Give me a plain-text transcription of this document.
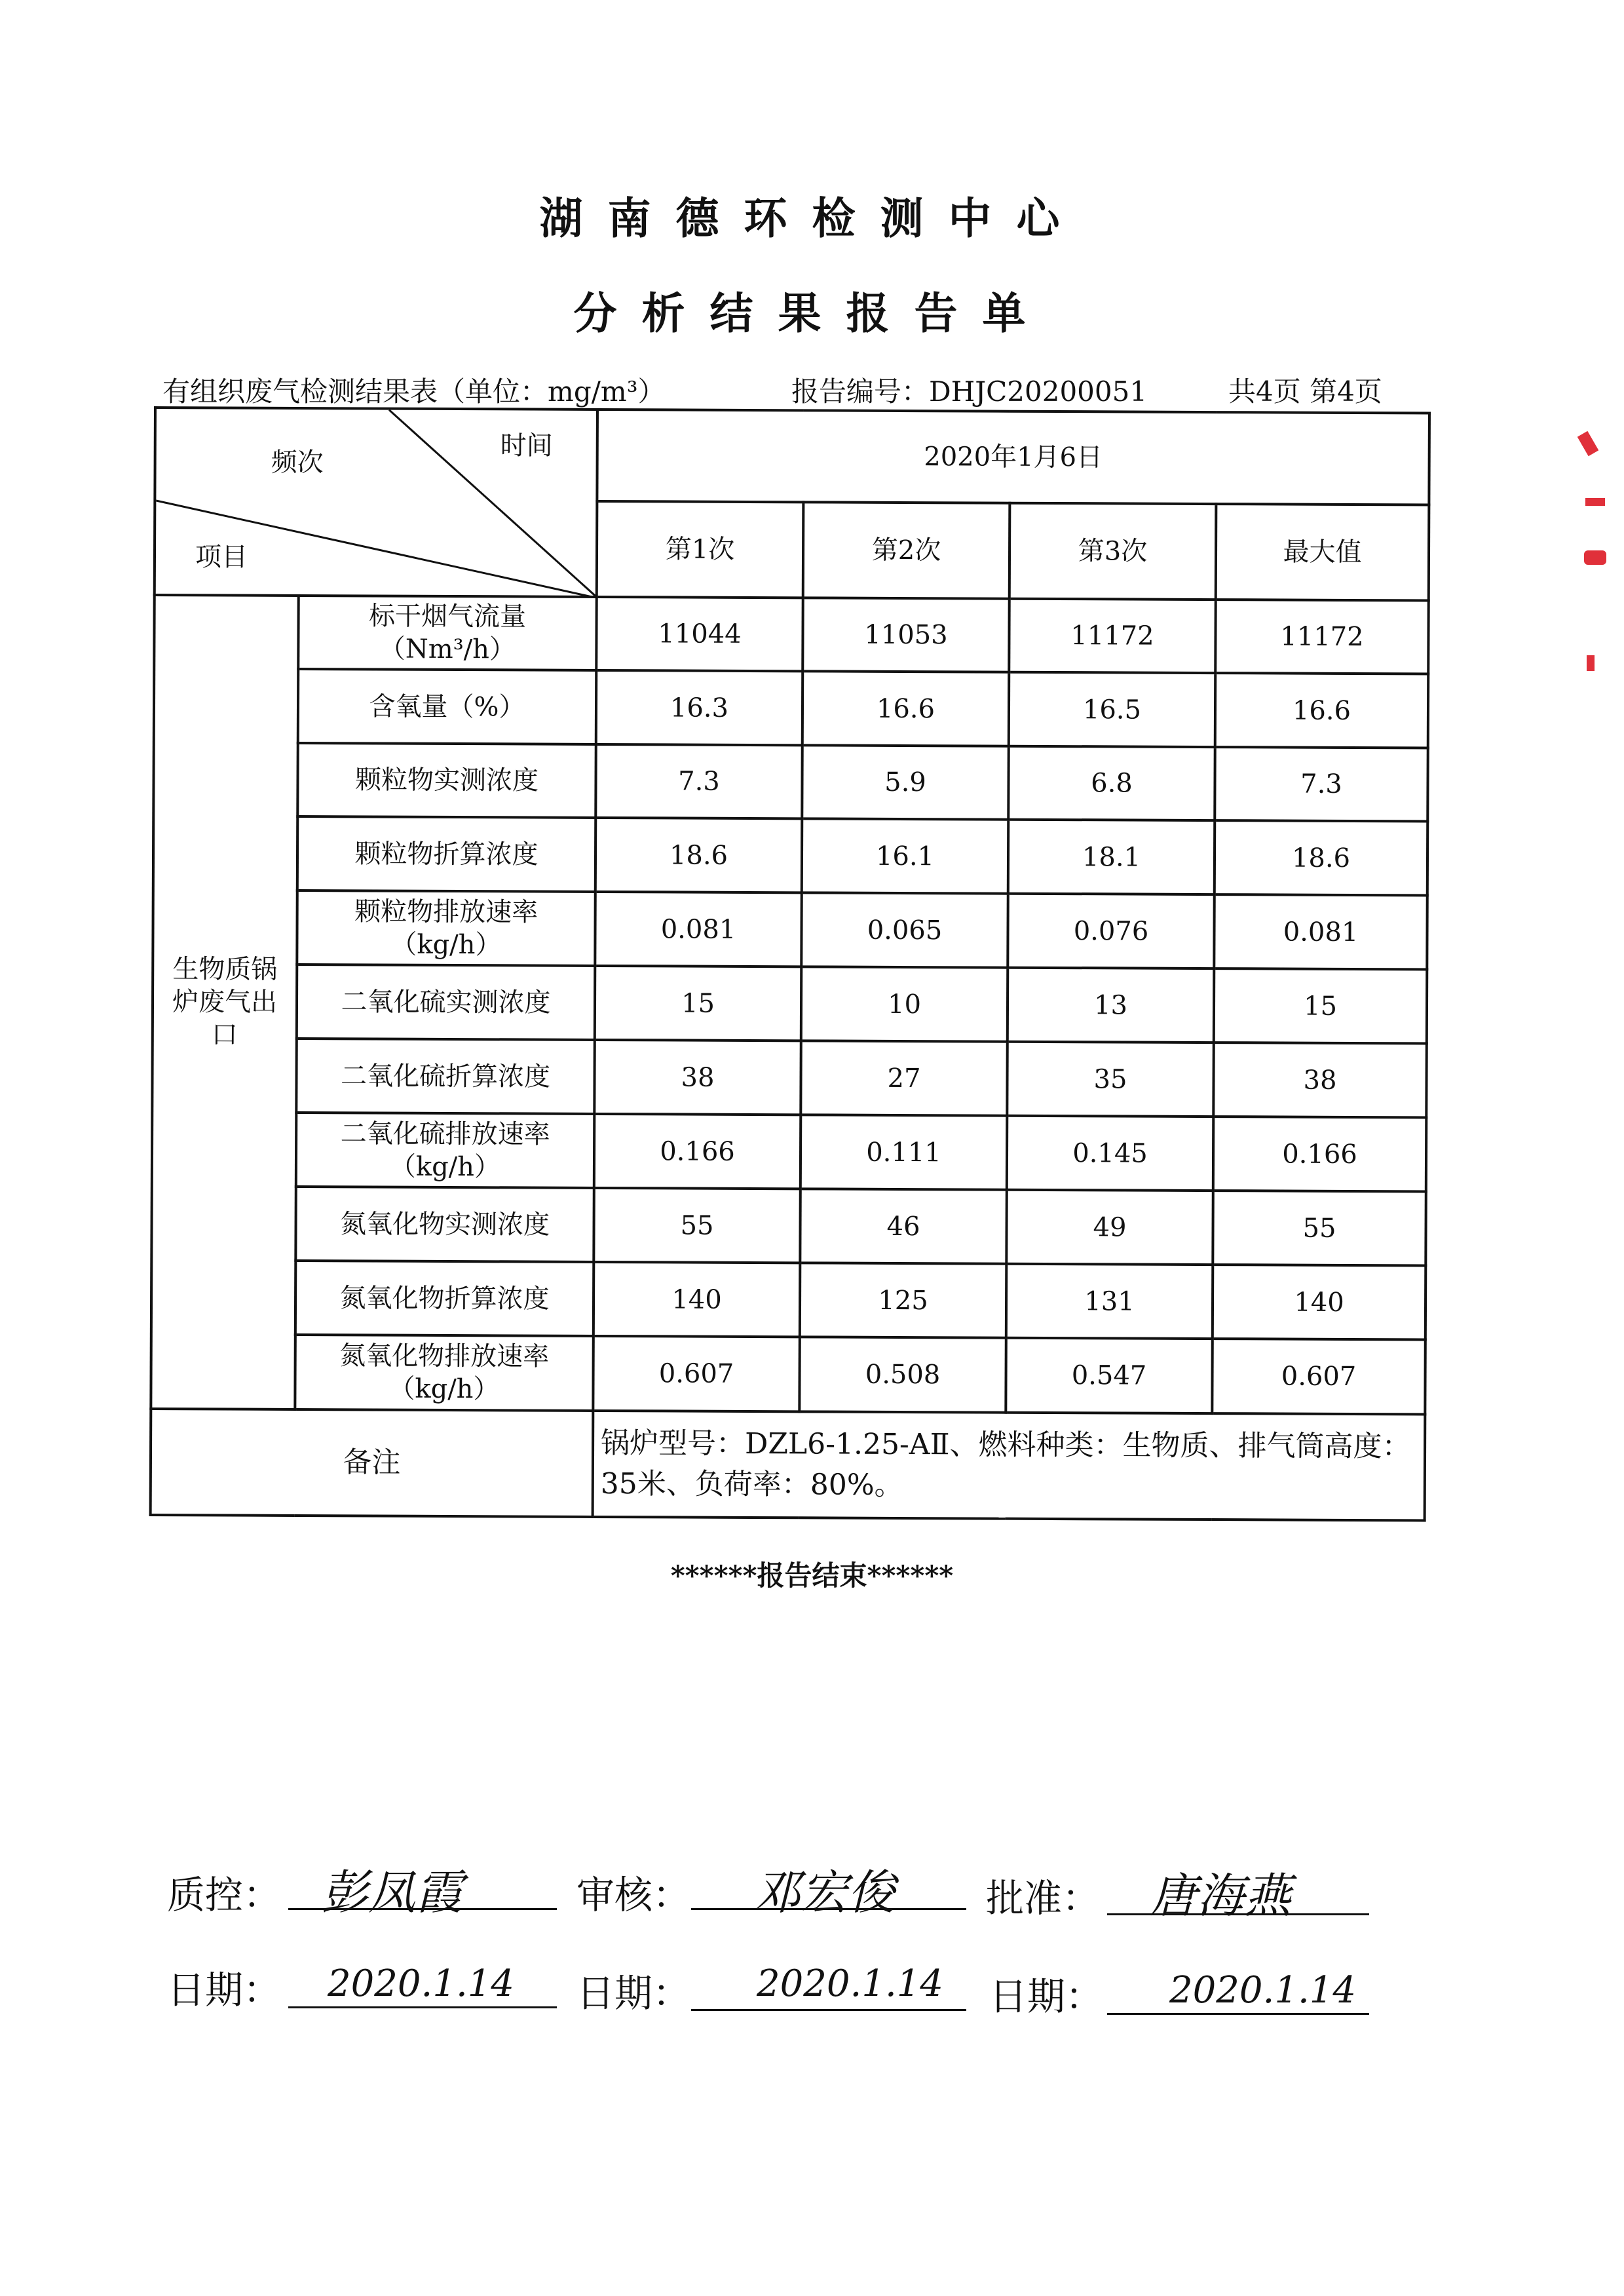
湖南德环检测中心
分析结果报告单
有组织废气检测结果表（单位：mg/m³）	报告编号：DHJC20200051	共4页 第4页
频次
时间
项目		2020年1月6日			
		第1次	第2次	第3次	最大值
生物质锅炉废气出口	标干烟气流量（Nm³/h）	11044	11053	11172	11172
	含氧量（%）	16.3	16.6	16.5	16.6
	颗粒物实测浓度	7.3	5.9	6.8	7.3
	颗粒物折算浓度	18.6	16.1	18.1	18.6
	颗粒物排放速率（kg/h）	0.081	0.065	0.076	0.081
	二氧化硫实测浓度	15	10	13	15
	二氧化硫折算浓度	38	27	35	38
	二氧化硫排放速率（kg/h）	0.166	0.111	0.145	0.166
	氮氧化物实测浓度	55	46	49	55
	氮氧化物折算浓度	140	125	131	140
	氮氧化物排放速率（kg/h）	0.607	0.508	0.547	0.607
备注		锅炉型号：DZL6-1.25-AⅡ、燃料种类：生物质、排气筒高度：35米、负荷率：80%。			
******报告结束******
质控： 彭凤霞	审核： 邓宏俊 批准： 唐海燕
日期： 2020.1.14 日期： 2020.1.14 日期： 2020.1.14
